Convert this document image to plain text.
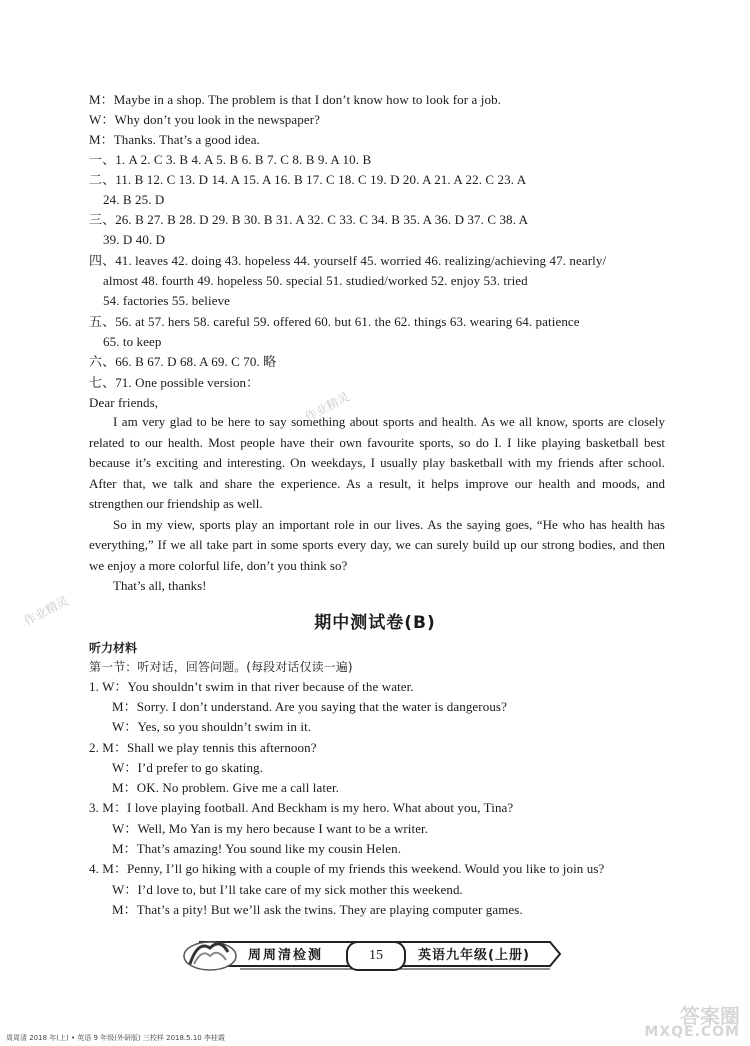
M：Maybe in a shop. The problem is that I don’t know how to look for a job.
W：Why don’t you look in the newspaper?
M：Thanks. That’s a good idea.
一、1. A 2. C 3. B 4. A 5. B 6. B 7. C 8. B 9. A 10. B
二、11. B 12. C 13. D 14. A 15. A 16. B 17. C 18. C 19. D 20. A 21. A 22. C 23. A
24. B 25. D
三、26. B 27. B 28. D 29. B 30. B 31. A 32. C 33. C 34. B 35. A 36. D 37. C 38. A
39. D 40. D
四、41. leaves 42. doing 43. hopeless 44. yourself 45. worried 46. realizing/achieving 47. nearly/
almost 48. fourth 49. hopeless 50. special 51. studied/worked 52. enjoy 53. tried
54. factories 55. believe
五、56. at 57. hers 58. careful 59. offered 60. but 61. the 62. things 63. wearing 64. patience
65. to keep
六、66. B 67. D 68. A 69. C 70. 略
七、71. One possible version：
Dear friends,

I am very glad to be here to say something about sports and health. As we all know, sports are closely related to our health. Most people have their own favourite sports, so do I. I like playing basketball best because it’s exciting and interesting. On weekdays, I usually play basketball with my friends after school. After that, we talk and share the experience. As a result, it helps improve our health and moods, and strengthen our friendship as well.

So in my view, sports play an important role in our lives. As the saying goes, “He who has health has everything,” If we all take part in some sports every day, we can surely build up our strong bodies, and then we enjoy a more colorful life, don’t you think so?

That’s all, thanks!

期中测试卷(B)
听力材料
第一节：听对话，回答问题。(每段对话仅读一遍)
1. W：You shouldn’t swim in that river because of the water.
M：Sorry. I don’t understand. Are you saying that the water is dangerous?
W：Yes, so you shouldn’t swim in it.
2. M：Shall we play tennis this afternoon?
W：I’d prefer to go skating.
M：OK. No problem. Give me a call later.
3. M：I love playing football. And Beckham is my hero. What about you, Tina?
W：Well, Mo Yan is my hero because I want to be a writer.
M：That’s amazing! You sound like my cousin Helen.
4. M：Penny, I’ll go hiking with a couple of my friends this weekend. Would you like to join us?
W：I’d love to, but I’ll take care of my sick mother this weekend.
M：That’s a pity! But we’ll ask the twins. They are playing computer games.
周周清检测	15	英语九年级(上册)
周周清 2018 年(上) • 英语 9 年级(外研版) 三校样 2018.5.10 李桂霞
作业精灵
作业精灵
答案圈
MXQE.COM
